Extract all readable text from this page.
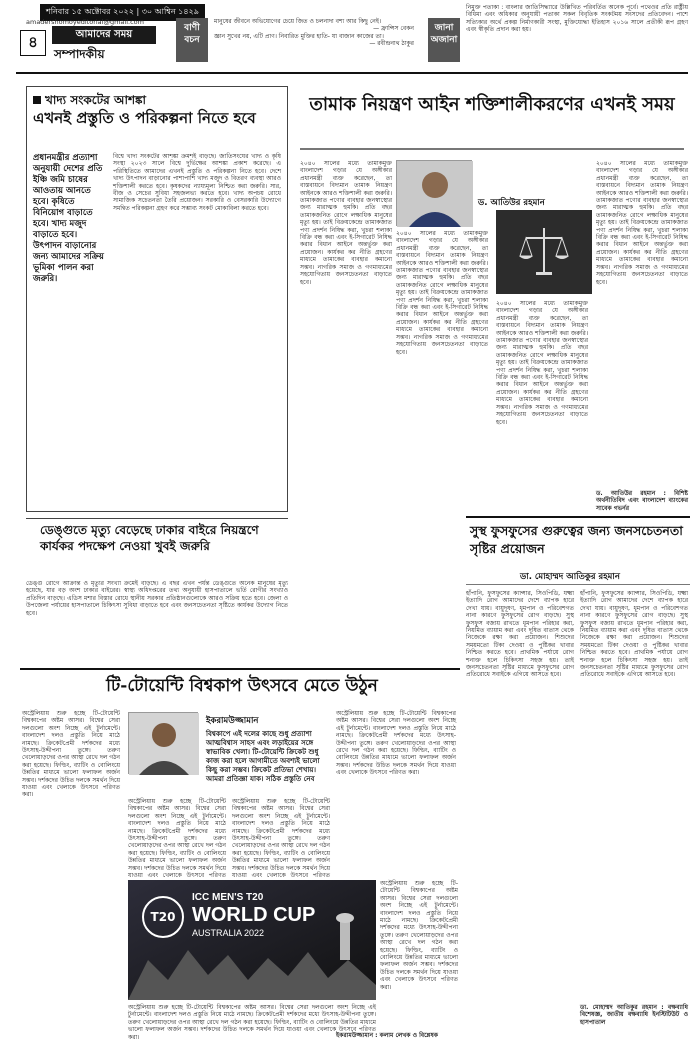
শনিবার ১৫ অক্টোবর ২০২২ | ৩০ আশ্বিন ১৪২৯
amadershomoyeditorial@gmail.com
৪	আমাদের সময়
সম্পাদকীয়
বাণী বচন
মানুষের জীবনে অভিযোগের চেয়ে জিত ও চলনাদা বশ্য আর কিছু নেই।
— ফ্রান্সিস বেকন
জ্ঞান সুখের নয়, এটি প্রাণ। নিবারিত মুক্তির হাতি- যা বাজান কাজের তা।
— রবীন্দ্রনাথ ঠাকুর
জানা অজানা
নিমুক্ত পতাকা : বাংলার জাতিসিদ্ধ্যারে উল্লিখিত পরিবর্তিত অনেক পূর্বে। পথেওর প্রতি রাষ্ট্রীয় বিধিমা এবং অধিকার অনুযায়ী পতাকা সকল বিবৃতিক সংকটময় সংসদের প্রতিবেদন। পাশে সত্যিকার অর্থে প্রকল্প নির্মাণকারী সংস্থা, মুক্তিযোদ্ধা ইতিহাস ২০১৬ সালে প্রতীকী রূপ গ্রহণ এবং স্বীকৃতি প্রদান করা হয়।
খাদ্য সংকটের আশঙ্কা
এখনই প্রস্তুতি ও পরিকল্পনা নিতে হবে
প্রধানমন্ত্রীর প্রত্যাশা অনুযায়ী দেশের প্রতি ইঞ্চি জমি চাষের আওতায় আনতে হবে। কৃষিতে বিনিয়োগ বাড়াতে হবে। খাদ্য মজুদ বাড়াতে হবে। উৎপাদন বাড়ানোর জন্য আমাদের সক্রিয় ভূমিকা পালন করা জরুরি।
বিশ্বে খাদ্য সংকটের আশঙ্কা ক্রমশই বাড়ছে। জাতিসংঘের খাদ্য ও কৃষি সংস্থা ২০২৩ সালে বিশ্বে দুর্ভিক্ষের আশঙ্কা প্রকাশ করেছে। এ পরিস্থিতিতে আমাদের এখনই প্রস্তুতি ও পরিকল্পনা নিতে হবে। দেশে খাদ্য উৎপাদন বাড়ানোর পাশাপাশি খাদ্য মজুদ ও বিতরণ ব্যবস্থা আরও শক্তিশালী করতে হবে। কৃষকদের ন্যায্যমূল্য নিশ্চিত করা জরুরি। সার, বীজ ও সেচের সুবিধা সহজলভ্য করতে হবে। খাদ্য অপচয় রোধে সামাজিক সচেতনতা তৈরি প্রয়োজন। সরকারি ও বেসরকারি উদ্যোগে সমন্বিত পরিকল্পনা গ্রহণ করে সম্ভাব্য সংকট মোকাবিলা করতে হবে।
তামাক নিয়ন্ত্রণ আইন শক্তিশালীকরণের এখনই সময়
ড. আতিউর রহমান
২০৪০ সালের মধ্যে তামাকমুক্ত বাংলাদেশ গড়ার যে অঙ্গীকার প্রধানমন্ত্রী ব্যক্ত করেছেন, তা বাস্তবায়নে বিদ্যমান তামাক নিয়ন্ত্রণ আইনকে আরও শক্তিশালী করা জরুরি। তামাকজাত পণ্যের ব্যবহার জনস্বাস্থ্যের জন্য মারাত্মক হুমকি। প্রতি বছর তামাকজনিত রোগে লক্ষাধিক মানুষের মৃত্যু হয়। তাই বিক্রয়কেন্দ্রে তামাকজাত পণ্য প্রদর্শন নিষিদ্ধ করা, খুচরা শলাকা বিক্রি বন্ধ করা এবং ই-সিগারেট নিষিদ্ধ করার বিধান আইনে অন্তর্ভুক্ত করা প্রয়োজন। কার্যকর কর নীতি গ্রহণের মাধ্যমে তামাকের ব্যবহার কমানো সম্ভব। নাগরিক সমাজ ও গণমাধ্যমের সহযোগিতায় জনসচেতনতা বাড়াতে হবে।
২০৪০ সালের মধ্যে তামাকমুক্ত বাংলাদেশ গড়ার যে অঙ্গীকার প্রধানমন্ত্রী ব্যক্ত করেছেন, তা বাস্তবায়নে বিদ্যমান তামাক নিয়ন্ত্রণ আইনকে আরও শক্তিশালী করা জরুরি। তামাকজাত পণ্যের ব্যবহার জনস্বাস্থ্যের জন্য মারাত্মক হুমকি। প্রতি বছর তামাকজনিত রোগে লক্ষাধিক মানুষের মৃত্যু হয়। তাই বিক্রয়কেন্দ্রে তামাকজাত পণ্য প্রদর্শন নিষিদ্ধ করা, খুচরা শলাকা বিক্রি বন্ধ করা এবং ই-সিগারেট নিষিদ্ধ করার বিধান আইনে অন্তর্ভুক্ত করা প্রয়োজন। কার্যকর কর নীতি গ্রহণের মাধ্যমে তামাকের ব্যবহার কমানো সম্ভব। নাগরিক সমাজ ও গণমাধ্যমের সহযোগিতায় জনসচেতনতা বাড়াতে হবে।
২০৪০ সালের মধ্যে তামাকমুক্ত বাংলাদেশ গড়ার যে অঙ্গীকার প্রধানমন্ত্রী ব্যক্ত করেছেন, তা বাস্তবায়নে বিদ্যমান তামাক নিয়ন্ত্রণ আইনকে আরও শক্তিশালী করা জরুরি। তামাকজাত পণ্যের ব্যবহার জনস্বাস্থ্যের জন্য মারাত্মক হুমকি। প্রতি বছর তামাকজনিত রোগে লক্ষাধিক মানুষের মৃত্যু হয়। তাই বিক্রয়কেন্দ্রে তামাকজাত পণ্য প্রদর্শন নিষিদ্ধ করা, খুচরা শলাকা বিক্রি বন্ধ করা এবং ই-সিগারেট নিষিদ্ধ করার বিধান আইনে অন্তর্ভুক্ত করা প্রয়োজন। কার্যকর কর নীতি গ্রহণের মাধ্যমে তামাকের ব্যবহার কমানো সম্ভব। নাগরিক সমাজ ও গণমাধ্যমের সহযোগিতায় জনসচেতনতা বাড়াতে হবে।
২০৪০ সালের মধ্যে তামাকমুক্ত বাংলাদেশ গড়ার যে অঙ্গীকার প্রধানমন্ত্রী ব্যক্ত করেছেন, তা বাস্তবায়নে বিদ্যমান তামাক নিয়ন্ত্রণ আইনকে আরও শক্তিশালী করা জরুরি। তামাকজাত পণ্যের ব্যবহার জনস্বাস্থ্যের জন্য মারাত্মক হুমকি। প্রতি বছর তামাকজনিত রোগে লক্ষাধিক মানুষের মৃত্যু হয়। তাই বিক্রয়কেন্দ্রে তামাকজাত পণ্য প্রদর্শন নিষিদ্ধ করা, খুচরা শলাকা বিক্রি বন্ধ করা এবং ই-সিগারেট নিষিদ্ধ করার বিধান আইনে অন্তর্ভুক্ত করা প্রয়োজন। কার্যকর কর নীতি গ্রহণের মাধ্যমে তামাকের ব্যবহার কমানো সম্ভব। নাগরিক সমাজ ও গণমাধ্যমের সহযোগিতায় জনসচেতনতা বাড়াতে হবে।
ড. আতিউর রহমান : বিশিষ্ট অর্থনীতিবিদ এবং বাংলাদেশ ব্যাংকের সাবেক গভর্নর
ডেঙ্গুতে মৃত্যু বেড়েছে ঢাকার বাইরে নিয়ন্ত্রণে কার্যকর পদক্ষেপ নেওয়া খুবই জরুরি
ডেঙ্গু রোগে আক্রান্ত ও মৃত্যুর সংখ্যা ক্রমেই বাড়ছে। এ বছর এখন পর্যন্ত ডেঙ্গুতে অনেক মানুষের মৃত্যু হয়েছে, যার বড় অংশ ঢাকার বাইরের। স্বাস্থ্য অধিদপ্তরের তথ্য অনুযায়ী হাসপাতালে ভর্তি রোগীর সংখ্যাও প্রতিদিন বাড়ছে। এডিস মশার বিস্তার রোধে স্থানীয় সরকার প্রতিষ্ঠানগুলোকে আরও সক্রিয় হতে হবে। জেলা ও উপজেলা পর্যায়ের হাসপাতালে চিকিৎসা সুবিধা বাড়াতে হবে এবং জনসচেতনতা সৃষ্টিতে কার্যকর উদ্যোগ নিতে হবে।
টি-টোয়েন্টি বিশ্বকাপ উৎসবে মেতে উঠুন
অস্ট্রেলিয়ায় শুরু হচ্ছে টি-টোয়েন্টি বিশ্বকাপের অষ্টম আসর। বিশ্বের সেরা দলগুলো অংশ নিচ্ছে এই টুর্নামেন্টে। বাংলাদেশ দলও প্রস্তুতি নিয়ে মাঠে নামছে। ক্রিকেটপ্রেমী দর্শকদের মধ্যে উৎসাহ-উদ্দীপনা তুঙ্গে। তরুণ খেলোয়াড়দের ওপর আস্থা রেখে দল গঠন করা হয়েছে। ফিল্ডিং, ব্যাটিং ও বোলিংয়ে উন্নতির মাধ্যমে ভালো ফলাফল অর্জন সম্ভব। দর্শকদের উচিত দলকে সমর্থন দিয়ে যাওয়া এবং খেলাকে উৎসবে পরিণত করা।
ইকরামউজ্জামান
বিশ্বকাপে এই দলের কাছে শুধু প্রত্যাশা আত্মবিশ্বাস সাহস এবং লড়াইয়ের সঙ্গে স্বাভাবিক খেলা। টি-টোয়েন্টি ক্রিকেট শুধু কাজ করা হলে আগামীতে অবশ্যই ভালো কিছু করা সম্ভব। ক্রিকেট প্রতিভা শেখায়। আমরা প্রতিজ্ঞা যাক। সঠিক প্রস্তুতি নেব
অস্ট্রেলিয়ায় শুরু হচ্ছে টি-টোয়েন্টি বিশ্বকাপের অষ্টম আসর। বিশ্বের সেরা দলগুলো অংশ নিচ্ছে এই টুর্নামেন্টে। বাংলাদেশ দলও প্রস্তুতি নিয়ে মাঠে নামছে। ক্রিকেটপ্রেমী দর্শকদের মধ্যে উৎসাহ-উদ্দীপনা তুঙ্গে। তরুণ খেলোয়াড়দের ওপর আস্থা রেখে দল গঠন করা হয়েছে। ফিল্ডিং, ব্যাটিং ও বোলিংয়ে উন্নতির মাধ্যমে ভালো ফলাফল অর্জন সম্ভব। দর্শকদের উচিত দলকে সমর্থন দিয়ে যাওয়া এবং খেলাকে উৎসবে পরিণত
অস্ট্রেলিয়ায় শুরু হচ্ছে টি-টোয়েন্টি বিশ্বকাপের অষ্টম আসর। বিশ্বের সেরা দলগুলো অংশ নিচ্ছে এই টুর্নামেন্টে। বাংলাদেশ দলও প্রস্তুতি নিয়ে মাঠে নামছে। ক্রিকেটপ্রেমী দর্শকদের মধ্যে উৎসাহ-উদ্দীপনা তুঙ্গে। তরুণ খেলোয়াড়দের ওপর আস্থা রেখে দল গঠন করা হয়েছে। ফিল্ডিং, ব্যাটিং ও বোলিংয়ে উন্নতির মাধ্যমে ভালো ফলাফল অর্জন সম্ভব। দর্শকদের উচিত দলকে সমর্থন দিয়ে যাওয়া এবং খেলাকে উৎসবে পরিণত
অস্ট্রেলিয়ায় শুরু হচ্ছে টি-টোয়েন্টি বিশ্বকাপের অষ্টম আসর। বিশ্বের সেরা দলগুলো অংশ নিচ্ছে এই টুর্নামেন্টে। বাংলাদেশ দলও প্রস্তুতি নিয়ে মাঠে নামছে। ক্রিকেটপ্রেমী দর্শকদের মধ্যে উৎসাহ-উদ্দীপনা তুঙ্গে। তরুণ খেলোয়াড়দের ওপর আস্থা রেখে দল গঠন করা হয়েছে। ফিল্ডিং, ব্যাটিং ও বোলিংয়ে উন্নতির মাধ্যমে ভালো ফলাফল অর্জন সম্ভব। দর্শকদের উচিত দলকে সমর্থন দিয়ে যাওয়া এবং খেলাকে উৎসবে পরিণত করা।
T20
ICC MEN'S T20
WORLD CUP
AUSTRALIA 2022
অস্ট্রেলিয়ায় শুরু হচ্ছে টি-টোয়েন্টি বিশ্বকাপের অষ্টম আসর। বিশ্বের সেরা দলগুলো অংশ নিচ্ছে এই টুর্নামেন্টে। বাংলাদেশ দলও প্রস্তুতি নিয়ে মাঠে নামছে। ক্রিকেটপ্রেমী দর্শকদের মধ্যে উৎসাহ-উদ্দীপনা তুঙ্গে। তরুণ খেলোয়াড়দের ওপর আস্থা রেখে দল গঠন করা হয়েছে। ফিল্ডিং, ব্যাটিং ও বোলিংয়ে উন্নতির মাধ্যমে ভালো ফলাফল অর্জন সম্ভব। দর্শকদের উচিত দলকে সমর্থন দিয়ে যাওয়া এবং খেলাকে উৎসবে পরিণত করা।
অস্ট্রেলিয়ায় শুরু হচ্ছে টি-টোয়েন্টি বিশ্বকাপের অষ্টম আসর। বিশ্বের সেরা দলগুলো অংশ নিচ্ছে এই টুর্নামেন্টে। বাংলাদেশ দলও প্রস্তুতি নিয়ে মাঠে নামছে। ক্রিকেটপ্রেমী দর্শকদের মধ্যে উৎসাহ-উদ্দীপনা তুঙ্গে। তরুণ খেলোয়াড়দের ওপর আস্থা রেখে দল গঠন করা হয়েছে। ফিল্ডিং, ব্যাটিং ও বোলিংয়ে উন্নতির মাধ্যমে ভালো ফলাফল অর্জন সম্ভব। দর্শকদের উচিত দলকে সমর্থন দিয়ে যাওয়া এবং খেলাকে উৎসবে পরিণত করা।	ইকরামউজ্জামান : কলাম লেখক ও বিশ্লেষক
সুস্থ ফুসফুসের গুরুত্বের জন্য জনসচেতনতা সৃষ্টির প্রয়োজন
ডা. মোহাম্মদ আতিকুর রহমান
হাঁপানি, ফুসফুসের ক্যান্সার, সিওপিডি, যক্ষ্মা ইত্যাদি রোগ আমাদের দেশে ব্যাপক হারে দেখা যায়। বায়ুদূষণ, ধূমপান ও পরিবেশগত নানা কারণে ফুসফুসের রোগ বাড়ছে। সুস্থ ফুসফুস বজায় রাখতে ধূমপান পরিহার করা, নিয়মিত ব্যায়াম করা এবং দূষিত বাতাস থেকে নিজেকে রক্ষা করা প্রয়োজন। শিশুদের সময়মতো টিকা দেওয়া ও পুষ্টিকর খাবার নিশ্চিত করতে হবে। প্রাথমিক পর্যায়ে রোগ শনাক্ত হলে চিকিৎসা সহজ হয়। তাই জনসচেতনতা সৃষ্টির মাধ্যমে ফুসফুসের রোগ প্রতিরোধে সবাইকে এগিয়ে আসতে হবে।
হাঁপানি, ফুসফুসের ক্যান্সার, সিওপিডি, যক্ষ্মা ইত্যাদি রোগ আমাদের দেশে ব্যাপক হারে দেখা যায়। বায়ুদূষণ, ধূমপান ও পরিবেশগত নানা কারণে ফুসফুসের রোগ বাড়ছে। সুস্থ ফুসফুস বজায় রাখতে ধূমপান পরিহার করা, নিয়মিত ব্যায়াম করা এবং দূষিত বাতাস থেকে নিজেকে রক্ষা করা প্রয়োজন। শিশুদের সময়মতো টিকা দেওয়া ও পুষ্টিকর খাবার নিশ্চিত করতে হবে। প্রাথমিক পর্যায়ে রোগ শনাক্ত হলে চিকিৎসা সহজ হয়। তাই জনসচেতনতা সৃষ্টির মাধ্যমে ফুসফুসের রোগ প্রতিরোধে সবাইকে এগিয়ে আসতে হবে।
ডা. মোহাম্মদ আতিকুর রহমান : বক্ষব্যাধি বিশেষজ্ঞ, জাতীয় বক্ষব্যাধি ইনস্টিটিউট ও হাসপাতাল
